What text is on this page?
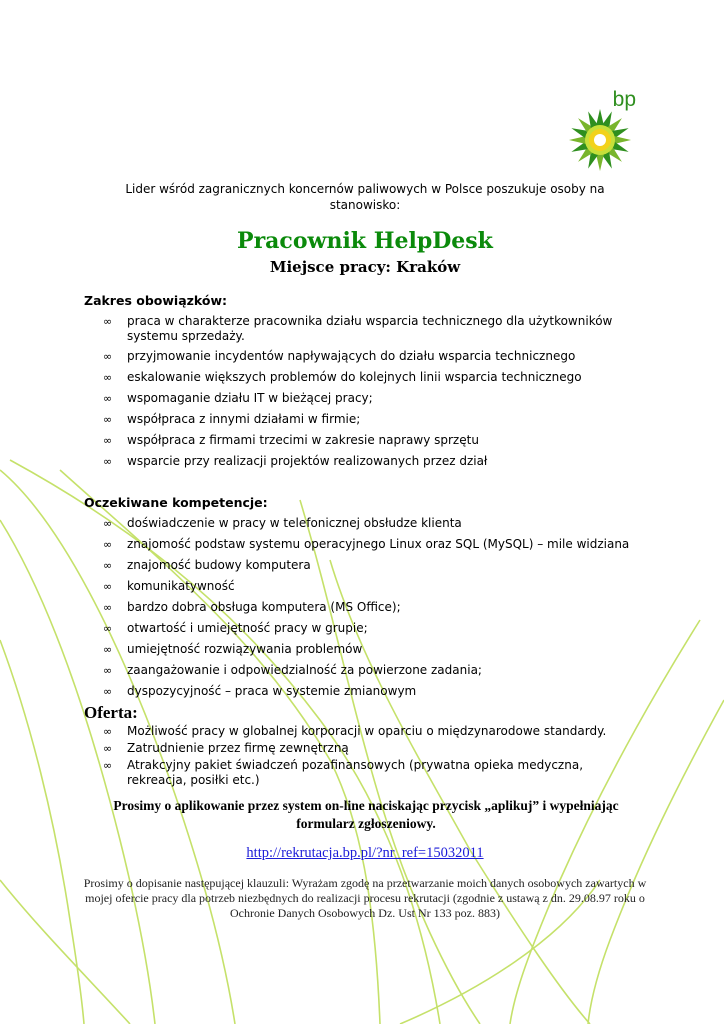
bp
Lider wśród zagranicznych koncernów paliwowych w Polsce poszukuje osoby na stanowisko:
Pracownik HelpDesk
Miejsce pracy: Kraków
Zakres obowiązków:
∞ praca w charakterze pracownika działu wsparcia technicznego dla użytkowników systemu sprzedaży.
∞ przyjmowanie incydentów napływających do działu wsparcia technicznego
∞ eskalowanie większych problemów do kolejnych linii wsparcia technicznego
∞ wspomaganie działu IT w bieżącej pracy;
∞ współpraca z innymi działami w firmie;
∞ współpraca z firmami trzecimi w zakresie naprawy sprzętu
∞ wsparcie przy realizacji projektów realizowanych przez dział
Oczekiwane kompetencje:
∞ doświadczenie w pracy w telefonicznej obsłudze klienta
∞ znajomość podstaw systemu operacyjnego Linux oraz SQL (MySQL) – mile widziana
∞ znajomość budowy komputera
∞ komunikatywność
∞ bardzo dobra obsługa komputera (MS Office);
∞ otwartość i umiejętność pracy w grupie;
∞ umiejętność rozwiązywania problemów
∞ zaangażowanie i odpowiedzialność za powierzone zadania;
∞ dyspozycyjność – praca w systemie zmianowym
Oferta:
∞ Możliwość pracy w globalnej korporacji w oparciu o międzynarodowe standardy.
∞ Zatrudnienie przez firmę zewnętrzną
∞ Atrakcyjny pakiet świadczeń pozafinansowych (prywatna opieka medyczna, rekreacja, posiłki etc.)
Prosimy o aplikowanie przez system on-line naciskając przycisk „aplikuj” i wypełniając formularz zgłoszeniowy.
http://rekrutacja.bp.pl/?nr_ref=15032011
Prosimy o dopisanie następującej klauzuli: Wyrażam zgodę na przetwarzanie moich danych osobowych zawartych w mojej ofercie pracy dla potrzeb niezbędnych do realizacji procesu rekrutacji (zgodnie z ustawą z dn. 29.08.97 roku o Ochronie Danych Osobowych Dz. Ust Nr 133 poz. 883)
